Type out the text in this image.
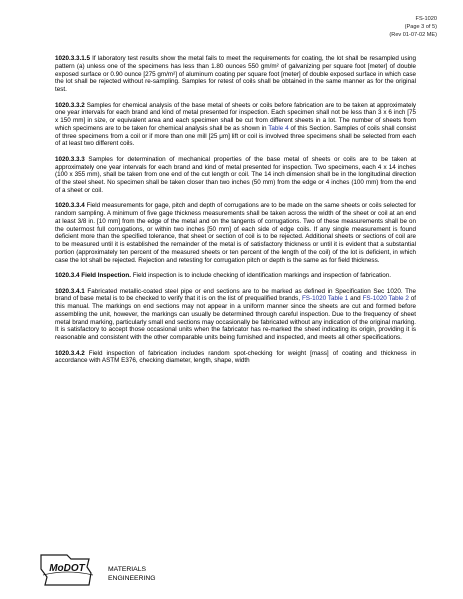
FS-1020
(Page 3 of 5)
(Rev 01-07-02 ME)

1020.3.3.1.5 If laboratory test results show the metal fails to meet the requirements for coating, the lot shall be resampled using pattern (a) unless one of the specimens has less than 1.80 ounces 550 gm/m² of galvanizing per square foot [meter] of double exposed surface or 0.90 ounce [275 gm/m²] of aluminum coating per square foot [meter] of double exposed surface in which case the lot shall be rejected without re-sampling. Samples for retest of coils shall be obtained in the same manner as for the original test.

1020.3.3.2 Samples for chemical analysis of the base metal of sheets or coils before fabrication are to be taken at approximately one year intervals for each brand and kind of metal presented for inspection. Each specimen shall not be less than 3 x 6 inch [75 x 150 mm] in size, or equivalent area and each specimen shall be cut from different sheets in a lot. The number of sheets from which specimens are to be taken for chemical analysis shall be as shown in Table 4 of this Section. Samples of coils shall consist of three specimens from a coil or if more than one mill [25 μm] lift or coil is involved three specimens shall be selected from each of at least two different coils.

1020.3.3.3 Samples for determination of mechanical properties of the base metal of sheets or coils are to be taken at approximately one year intervals for each brand and kind of metal presented for inspection. Two specimens, each 4 x 14 inches (100 x 355 mm), shall be taken from one end of the cut length or coil. The 14 inch dimension shall be in the longitudinal direction of the steel sheet. No specimen shall be taken closer than two inches (50 mm) from the edge or 4 inches (100 mm) from the end of a sheet or coil.

1020.3.3.4 Field measurements for gage, pitch and depth of corrugations are to be made on the same sheets or coils selected for random sampling. A minimum of five gage thickness measurements shall be taken across the width of the sheet or coil at an end at least 3/8 in. [10 mm] from the edge of the metal and on the tangents of corrugations. Two of these measurements shall be on the outermost full corrugations, or within two inches [50 mm] of each side of edge coils. If any single measurement is found deficient more than the specified tolerance, that sheet or section of coil is to be rejected. Additional sheets or sections of coil are to be measured until it is established the remainder of the metal is of satisfactory thickness or until it is evident that a substantial portion (approximately ten percent of the measured sheets or ten percent of the length of the coil) of the lot is deficient, in which case the lot shall be rejected. Rejection and retesting for corrugation pitch or depth is the same as for field thickness.

1020.3.4 Field Inspection. Field inspection is to include checking of identification markings and inspection of fabrication.

1020.3.4.1 Fabricated metallic-coated steel pipe or end sections are to be marked as defined in Specification Sec 1020. The brand of base metal is to be checked to verify that it is on the list of prequalified brands, FS-1020 Table 1 and FS-1020 Table 2 of this manual. The markings on end sections may not appear in a uniform manner since the sheets are cut and formed before assembling the unit, however, the markings can usually be determined through careful inspection. Due to the frequency of sheet metal brand marking, particularly small end sections may occasionally be fabricated without any indication of the original marking. It is satisfactory to accept those occasional units when the fabricator has re-marked the sheet indicating its origin, providing it is reasonable and consistent with the other comparable units being furnished and inspected, and meets all other specifications.

1020.3.4.2 Field inspection of fabrication includes random spot-checking for weight [mass] of coating and thickness in accordance with ASTM E376, checking diameter, length, shape, width

MoDOT	MATERIALS
ENGINEERING
